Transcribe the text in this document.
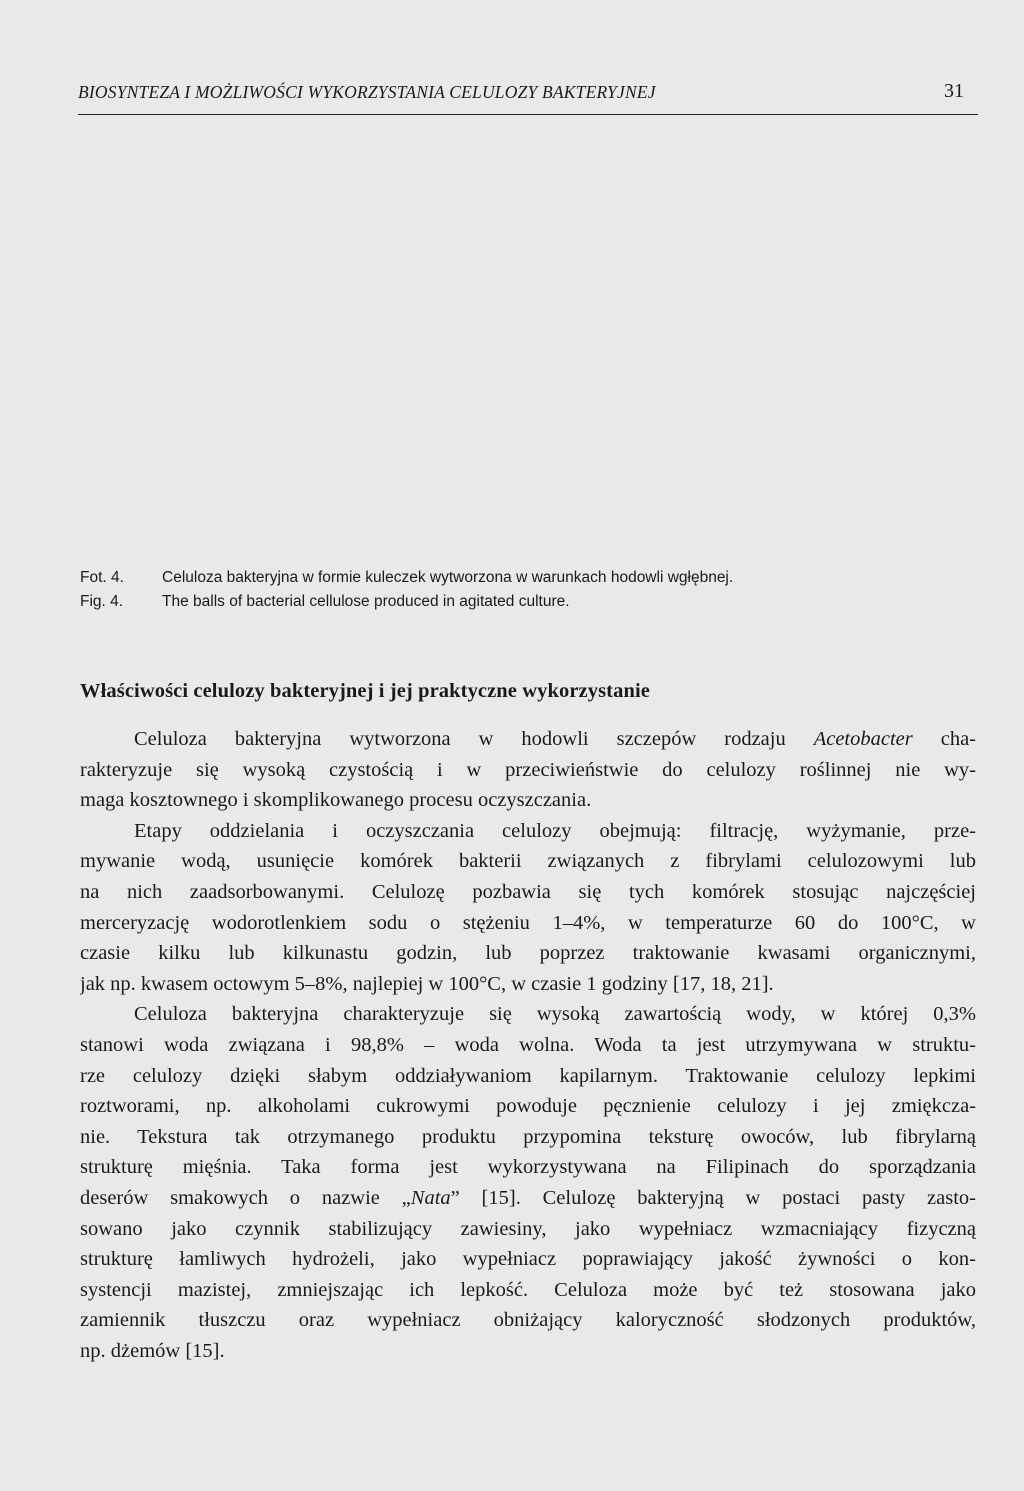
BIOSYNTEZA I MOŻLIWOŚCI WYKORZYSTANIA CELULOZY BAKTERYJNEJ	31
Fot. 4. Celuloza bakteryjna w formie kuleczek wytworzona w warunkach hodowli wgłębnej.
Fig. 4.	The balls of bacterial cellulose produced in agitated culture.
Właściwości celulozy bakteryjnej i jej praktyczne wykorzystanie
Celuloza bakteryjna wytworzona w hodowli szczepów rodzaju Acetobacter cha-
rakteryzuje się wysoką czystością i w przeciwieństwie do celulozy roślinnej nie wy-
maga kosztownego i skomplikowanego procesu oczyszczania.
Etapy oddzielania i oczyszczania celulozy obejmują: filtrację, wyżymanie, prze-
mywanie wodą, usunięcie komórek bakterii związanych z fibrylami celulozowymi lub
na nich zaadsorbowanymi. Celulozę pozbawia się tych komórek stosując najczęściej
merceryzację wodorotlenkiem sodu o stężeniu 1–4%, w temperaturze 60 do 100°C, w
czasie kilku lub kilkunastu godzin, lub poprzez traktowanie kwasami organicznymi,
jak np. kwasem octowym 5–8%, najlepiej w 100°C, w czasie 1 godziny [17, 18, 21].
Celuloza bakteryjna charakteryzuje się wysoką zawartością wody, w której 0,3%
stanowi woda związana i 98,8% – woda wolna. Woda ta jest utrzymywana w struktu-
rze celulozy dzięki słabym oddziaływaniom kapilarnym. Traktowanie celulozy lepkimi
roztworami, np. alkoholami cukrowymi powoduje pęcznienie celulozy i jej zmiękcza-
nie. Tekstura tak otrzymanego produktu przypomina teksturę owoców, lub fibrylarną
strukturę mięśnia. Taka forma jest wykorzystywana na Filipinach do sporządzania
deserów smakowych o nazwie „Nata” [15]. Celulozę bakteryjną w postaci pasty zasto-
sowano jako czynnik stabilizujący zawiesiny, jako wypełniacz wzmacniający fizyczną
strukturę łamliwych hydrożeli, jako wypełniacz poprawiający jakość żywności o kon-
systencji mazistej, zmniejszając ich lepkość. Celuloza może być też stosowana jako
zamiennik tłuszczu oraz wypełniacz obniżający kaloryczność słodzonych produktów,
np. dżemów [15].
